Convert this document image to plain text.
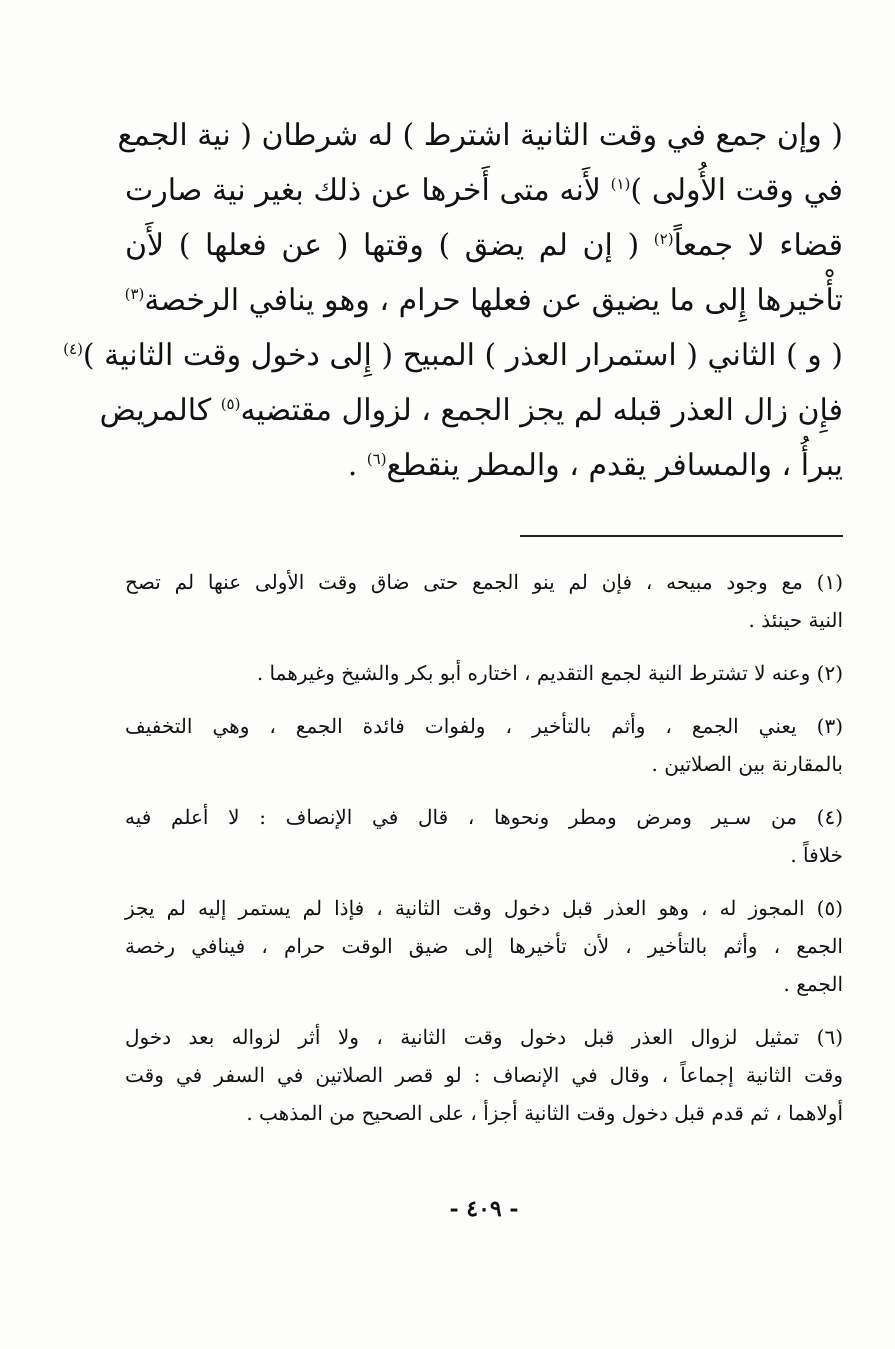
( وإن جمع في وقت الثانية اشترط ) له شرطان ( نية الجمع
في وقت الأُولى )$^{(١)}$ لأَنه متى أَخرها عن ذلك بغير نية صارت
قضاء لا جمعاً$^{(٢)}$ ( إن لم يضق ) وقتها ( عن فعلها ) لأَن
تأْخيرها إِلى ما يضيق عن فعلها حرام ، وهو ينافي الرخصة$^{(٣)}$
( و ) الثاني ( استمرار العذر ) المبيح ( إِلى دخول وقت الثانية )$^{(٤)}$
فإِن زال العذر قبله لم يجز الجمع ، لزوال مقتضيه$^{(٥)}$ كالمريض
يبرأُ ، والمسافر يقدم ، والمطر ينقطع$^{(٦)}$ .
(١) مع وجود مبيحه ، فإن لم ينو الجمع حتى ضاق وقت الأولى عنها لم تصح
النية حينئذ .
(٢) وعنه لا تشترط النية لجمع التقديم ، اختاره أبو بكر والشيخ وغيرهما .
(٣) يعني الجمع ، وأثم بالتأخير ، ولفوات فائدة الجمع ، وهي التخفيف
بالمقارنة بين الصلاتين .
(٤) من سـير ومرض ومطر ونحوها ، قال في الإنصاف : لا أعلم فيه
خلافاً .
(٥) المجوز له ، وهو العذر قبل دخول وقت الثانية ، فإذا لم يستمر إليه لم يجز
الجمع ، وأثم بالتأخير ، لأن تأخيرها إلى ضيق الوقت حرام ، فينافي رخصة
الجمع .
(٦) تمثيل لزوال العذر قبل دخول وقت الثانية ، ولا أثر لزواله بعد دخول
وقت الثانية إجماعاً ، وقال في الإنصاف : لو قصر الصلاتين في السفر في وقت
أولاهما ، ثم قدم قبل دخول وقت الثانية أجزأ ، على الصحيح من المذهب .
- ٤٠٩ -
